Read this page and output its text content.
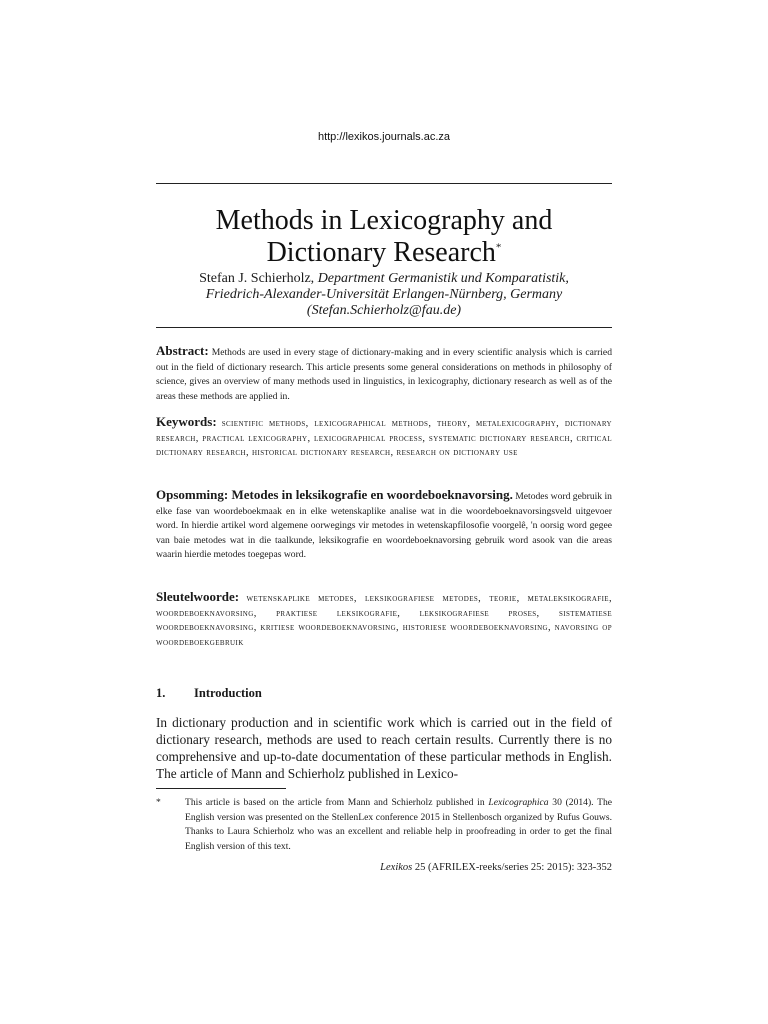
http://lexikos.journals.ac.za
Methods in Lexicography and
Dictionary Research*
Stefan J. Schierholz, Department Germanistik und Komparatistik,
Friedrich-Alexander-Universität Erlangen-Nürnberg, Germany
(Stefan.Schierholz@fau.de)
Abstract: Methods are used in every stage of dictionary-making and in every scientific analysis which is carried out in the field of dictionary research. This article presents some general considerations on methods in philosophy of science, gives an overview of many methods used in linguistics, in lexicography, dictionary research as well as of the areas these methods are applied in.
Keywords: scientific methods, lexicographical methods, theory, metalexicography, dictionary research, practical lexicography, lexicographical process, systematic dictionary research, critical dictionary research, historical dictionary research, research on dictionary use
Opsomming: Metodes in leksikografie en woordeboeknavorsing. Metodes word gebruik in elke fase van woordeboekmaak en in elke wetenskaplike analise wat in die woordeboeknavorsingsveld uitgevoer word. In hierdie artikel word algemene oorwegings vir metodes in wetenskapfilosofie voorgelê, 'n oorsig word gegee van baie metodes wat in die taalkunde, leksikografie en woordeboeknavorsing gebruik word asook van die areas waarin hierdie metodes toegepas word.
Sleutelwoorde: wetenskaplike metodes, leksikografiese metodes, teorie, metaleksikografie, woordeboeknavorsing, praktiese leksikografie, leksikografiese proses, sistematiese woordeboeknavorsing, kritiese woordeboeknavorsing, historiese woordeboeknavorsing, navorsing op woordeboekgebruik
1. Introduction
In dictionary production and in scientific work which is carried out in the field of dictionary research, methods are used to reach certain results. Currently there is no comprehensive and up-to-date documentation of these particular methods in English. The article of Mann and Schierholz published in Lexico-
*	This article is based on the article from Mann and Schierholz published in Lexicographica 30 (2014). The English version was presented on the StellenLex conference 2015 in Stellenbosch organized by Rufus Gouws. Thanks to Laura Schierholz who was an excellent and reliable help in proofreading in order to get the final English version of this text.
Lexikos 25 (AFRILEX-reeks/series 25: 2015): 323-352
